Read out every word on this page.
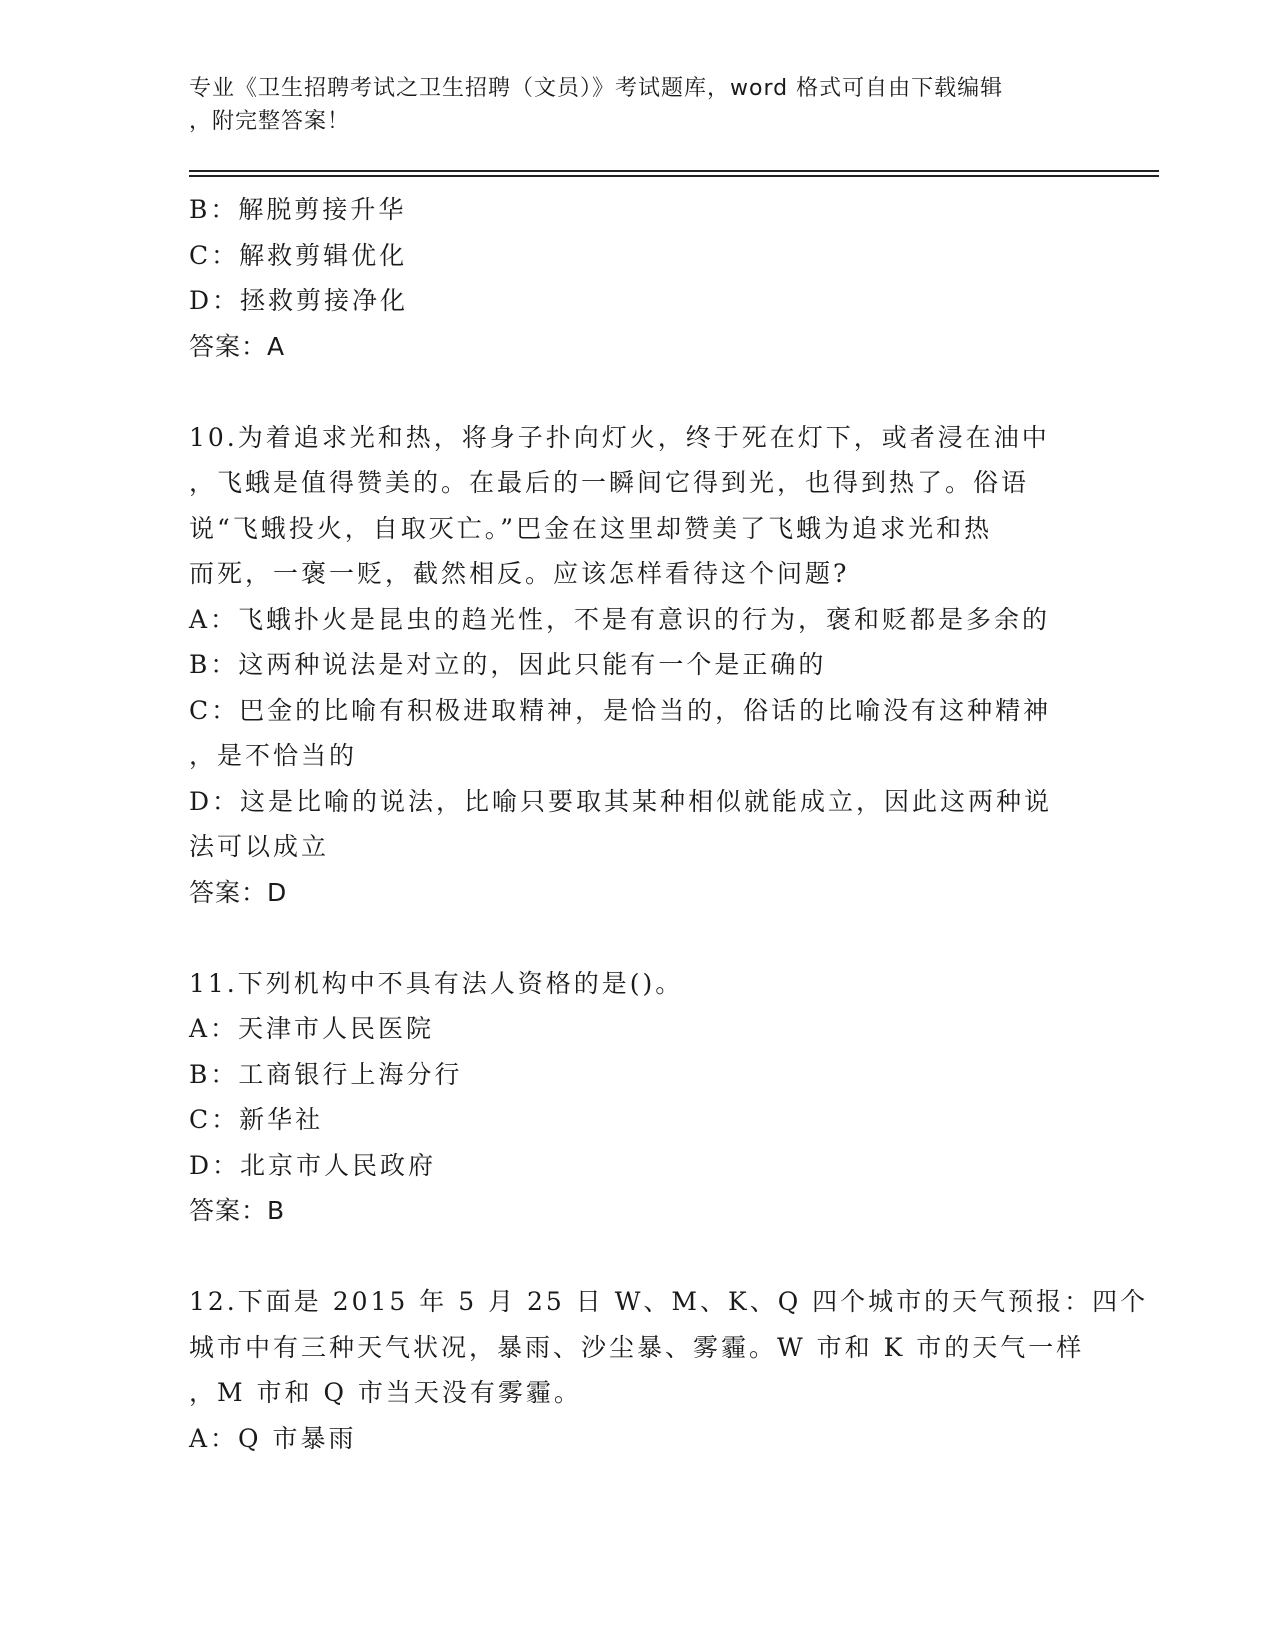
专业《卫生招聘考试之卫生招聘（文员）》考试题库，word 格式可自由下载编辑
，附完整答案！
B：解脱剪接升华
C：解救剪辑优化
D：拯救剪接净化
答案：A
10.为着追求光和热，将身子扑向灯火，终于死在灯下，或者浸在油中
，飞蛾是值得赞美的。在最后的一瞬间它得到光，也得到热了。俗语
说“飞蛾投火，自取灭亡。”巴金在这里却赞美了飞蛾为追求光和热
而死，一褒一贬，截然相反。应该怎样看待这个问题?
A：飞蛾扑火是昆虫的趋光性，不是有意识的行为，褒和贬都是多余的
B：这两种说法是对立的，因此只能有一个是正确的
C：巴金的比喻有积极进取精神，是恰当的，俗话的比喻没有这种精神
，是不恰当的
D：这是比喻的说法，比喻只要取其某种相似就能成立，因此这两种说
法可以成立
答案：D
11.下列机构中不具有法人资格的是()。
A：天津市人民医院
B：工商银行上海分行
C：新华社
D：北京市人民政府
答案：B
12.下面是 2015 年 5 月 25 日 W、M、K、Q 四个城市的天气预报：四个
城市中有三种天气状况，暴雨、沙尘暴、雾霾。W 市和 K 市的天气一样
，M 市和 Q 市当天没有雾霾。
A：Q 市暴雨
